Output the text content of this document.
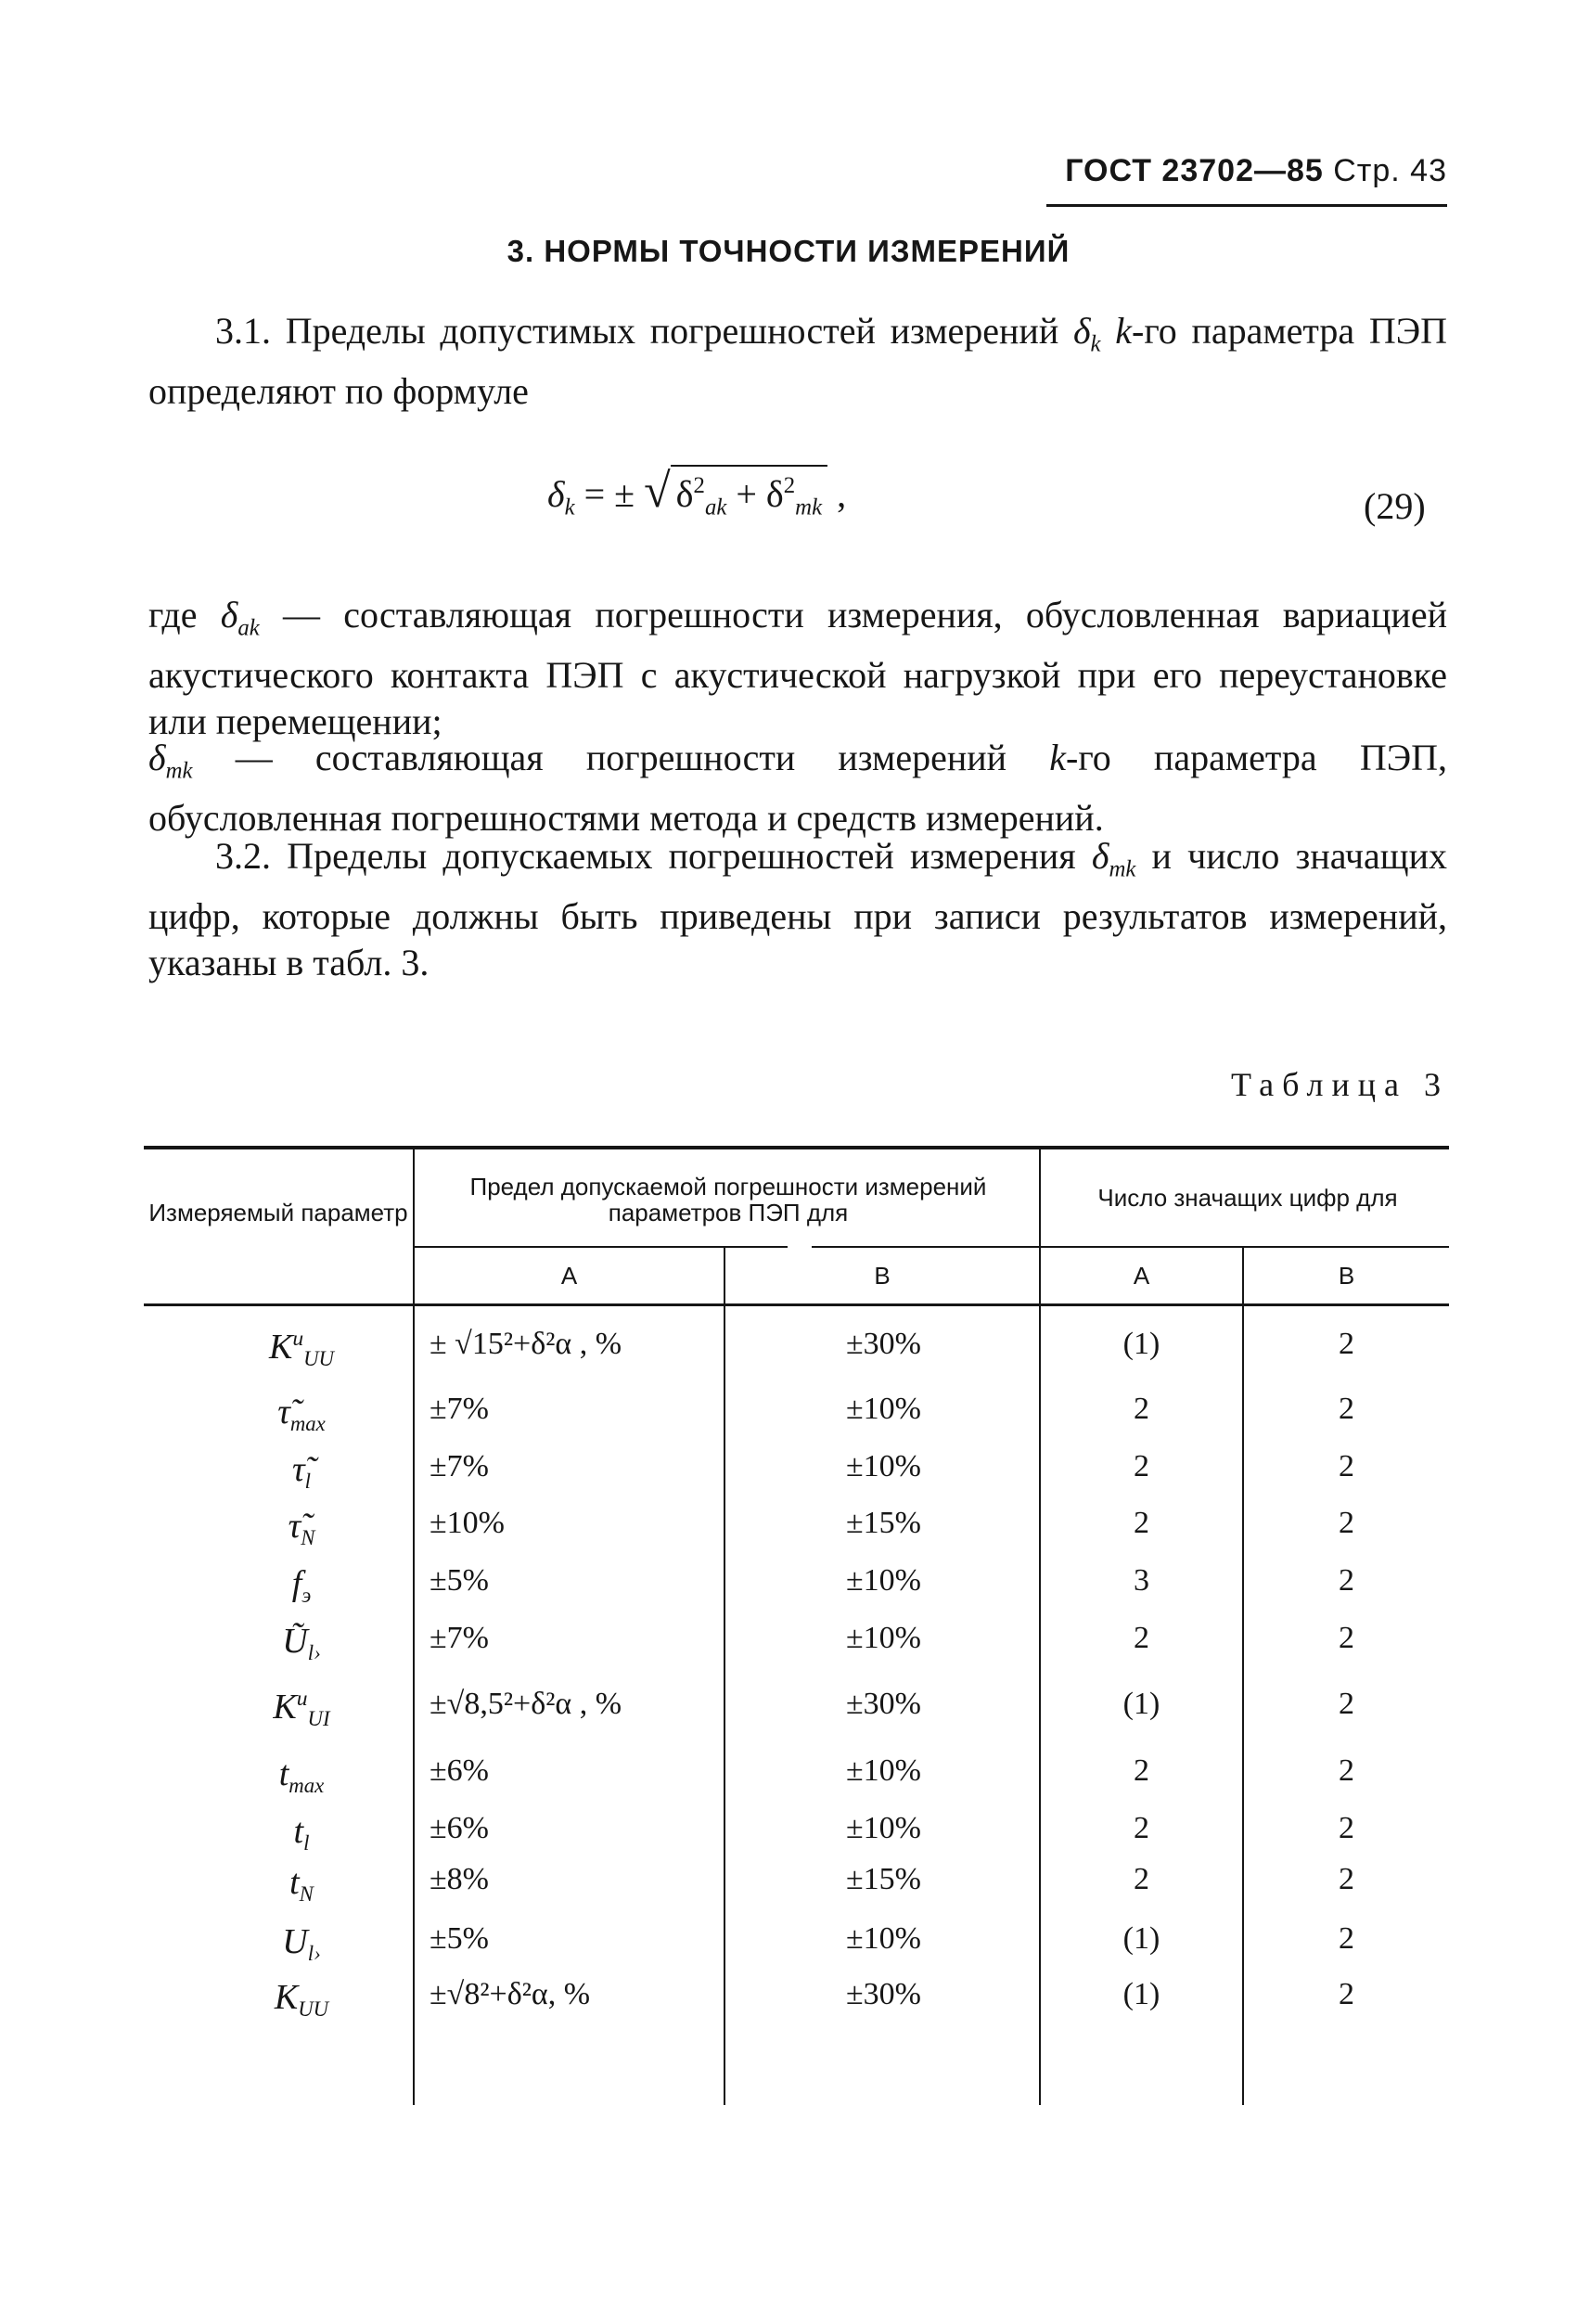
ГОСТ 23702—85 Стр. 43
3. НОРМЫ ТОЧНОСТИ ИЗМЕРЕНИЙ
3.1. Пределы допустимых погрешностей измерений $\delta_k$ k-го параметра ПЭП определяют по формуле
$\delta_k$ = ± √ $\delta^2_{ak} + \delta^2_{mk}$ ,	(29)
где $\delta_{ak}$ — составляющая погрешности измерения, обусловленная вариацией акустического контакта ПЭП с акустической нагрузкой при его переустановке или перемещении;
$\delta_{mk}$ — составляющая погрешности измерений k-го параметра ПЭП, обусловленная погрешностями метода и средств измерений.
3.2. Пределы допускаемых погрешностей измерения $\delta_{mk}$ и число значащих цифр, которые должны быть приведены при записи результатов измерений, указаны в табл. 3.
Таблица 3
Измеряемый параметр
Предел допускаемой погрешности измерений параметров ПЭП для
Число значащих цифр для
А	В	А	В
$K^и_{UU}$	± √15²+δ²α , %	±30%	(1)	2
$\taũ_{max}$	±7%	±10%	2	2
$\taũ_l$	±7%	±10%	2	2
$\taũ_N$	±10%	±15%	2	2
$f_э$	±5%	±10%	3	2
$Ũ_{l›}$	±7%	±10%	2	2
$K^и_{UI}$	±√8,5²+δ²α , %	±30%	(1)	2
$t_{max}$	±6%	±10%	2	2
$t_l$	±6%	±10%	2	2
$t_N$	±8%	±15%	2	2
$U_{l›}$	±5%	±10%	(1)	2
$K_{UU}$	±√8²+δ²α, %	±30%	(1)	2
